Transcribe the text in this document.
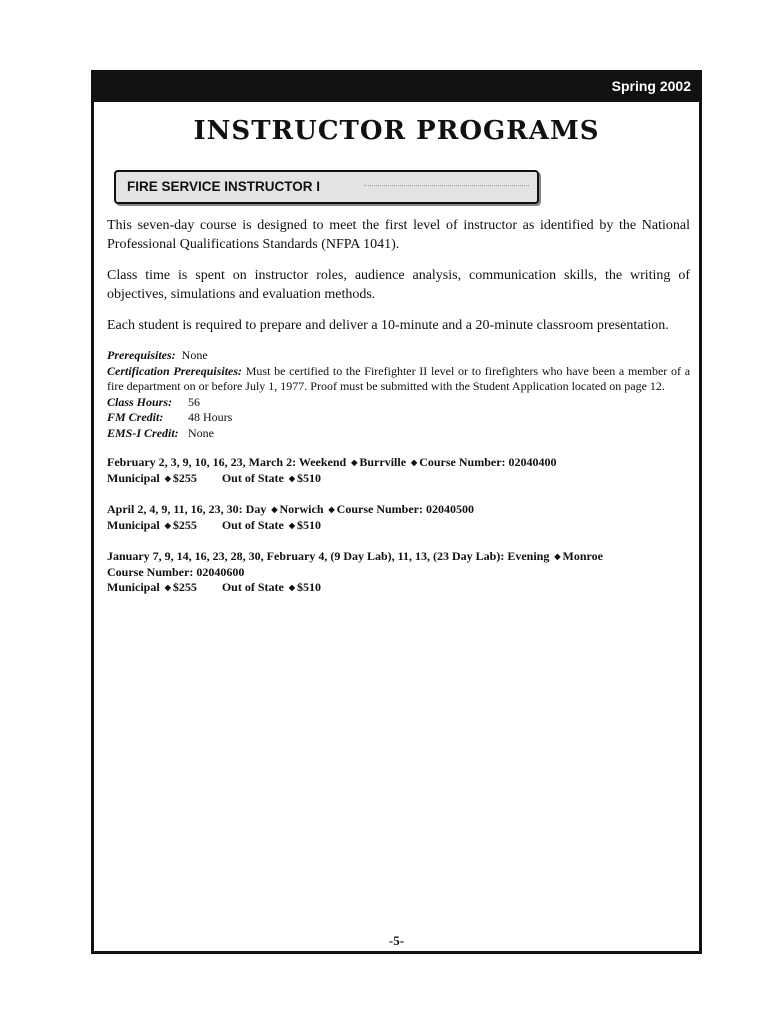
Spring 2002
INSTRUCTOR PROGRAMS
FIRE SERVICE INSTRUCTOR I

This seven-day course is designed to meet the first level of instructor as identified by the National Professional Qualifications Standards (NFPA 1041).

Class time is spent on instructor roles, audience analysis, communication skills, the writing of objectives, simulations and evaluation methods.

Each student is required to prepare and deliver a 10-minute and a 20-minute classroom presentation.

Prerequisites: None
Certification Prerequisites: Must be certified to the Firefighter II level or to firefighters who have been a member of a fire department on or before July 1, 1977. Proof must be submitted with the Student Application located on page 12.
Class Hours:	56
FM Credit:	48 Hours
EMS-I Credit: None
February 2, 3, 9, 10, 16, 23, March 2: Weekend ◆ Burrville ◆ Course Number: 02040400
Municipal ◆ $255 Out of State ◆ $510
April 2, 4, 9, 11, 16, 23, 30: Day ◆ Norwich ◆ Course Number: 02040500
Municipal ◆ $255 Out of State ◆ $510
January 7, 9, 14, 16, 23, 28, 30, February 4, (9 Day Lab), 11, 13, (23 Day Lab): Evening ◆ Monroe
Course Number: 02040600
Municipal ◆ $255 Out of State ◆ $510
-5-
